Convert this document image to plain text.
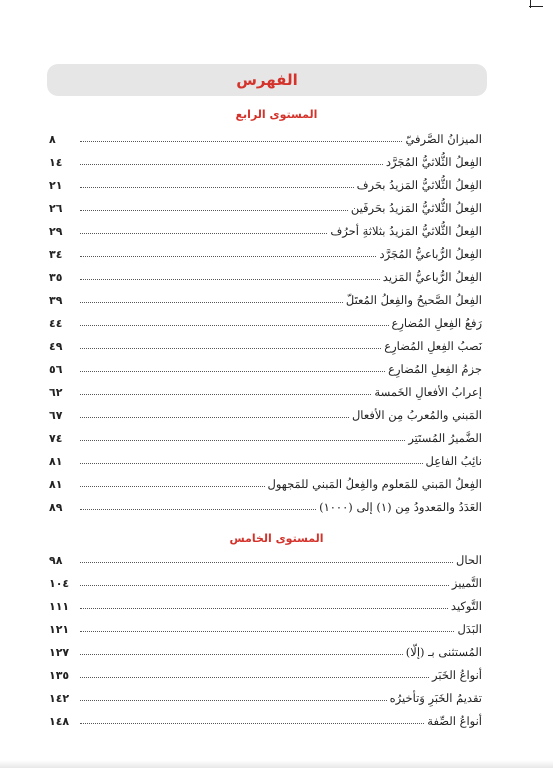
الفهرس
المستوى الرابع
الميزانُ الصَّرفيّ
٨
الفِعلُ الثُّلاثيُّ المُجَرَّد
١٤
الفِعلُ الثُّلاثيُّ المَزيدُ بحَرف
٢١
الفِعلُ الثُّلاثيُّ المَزيدُ بحَرفَين
٢٦
الفِعلُ الثُّلاثيُّ المَزيدُ بثلاثةِ أحرُف
٢٩
الفِعلُ الرُّباعيُّ المُجَرَّد
٣٤
الفِعلُ الرُّباعيُّ المَزيد
٣٥
الفِعلُ الصَّحيحُ والفِعلُ المُعتَلّ
٣٩
رَفعُ الفِعلِ المُضارِع
٤٤
نَصبُ الفِعلِ المُضارِع
٤٩
جزمُ الفِعلِ المُضارِع
٥٦
إعرابُ الأفعالِ الخَمسة
٦٢
المَبني والمُعربُ مِن الأفعال
٦٧
الضَّميرُ المُستَتِر
٧٤
نائِبُ الفاعِل
٨١
الفِعلُ المَبني للمَعلوم والفِعلُ المَبني للمَجهول
٨١
العَدَدُ والمَعدودُ مِن (١) إلى (١٠٠٠)
٨٩
المستوى الخامس
الحال
٩٨
التَّمييز
١٠٤
التَّوكيد
١١١
البَدَل
١٢١
المُستثنى بـ (إلّا)
١٢٧
أنواعُ الخَبَر
١٣٥
تقديمُ الخَبَرِ وَتأخيرُه
١٤٢
أنواعُ الصِّفة
١٤٨
